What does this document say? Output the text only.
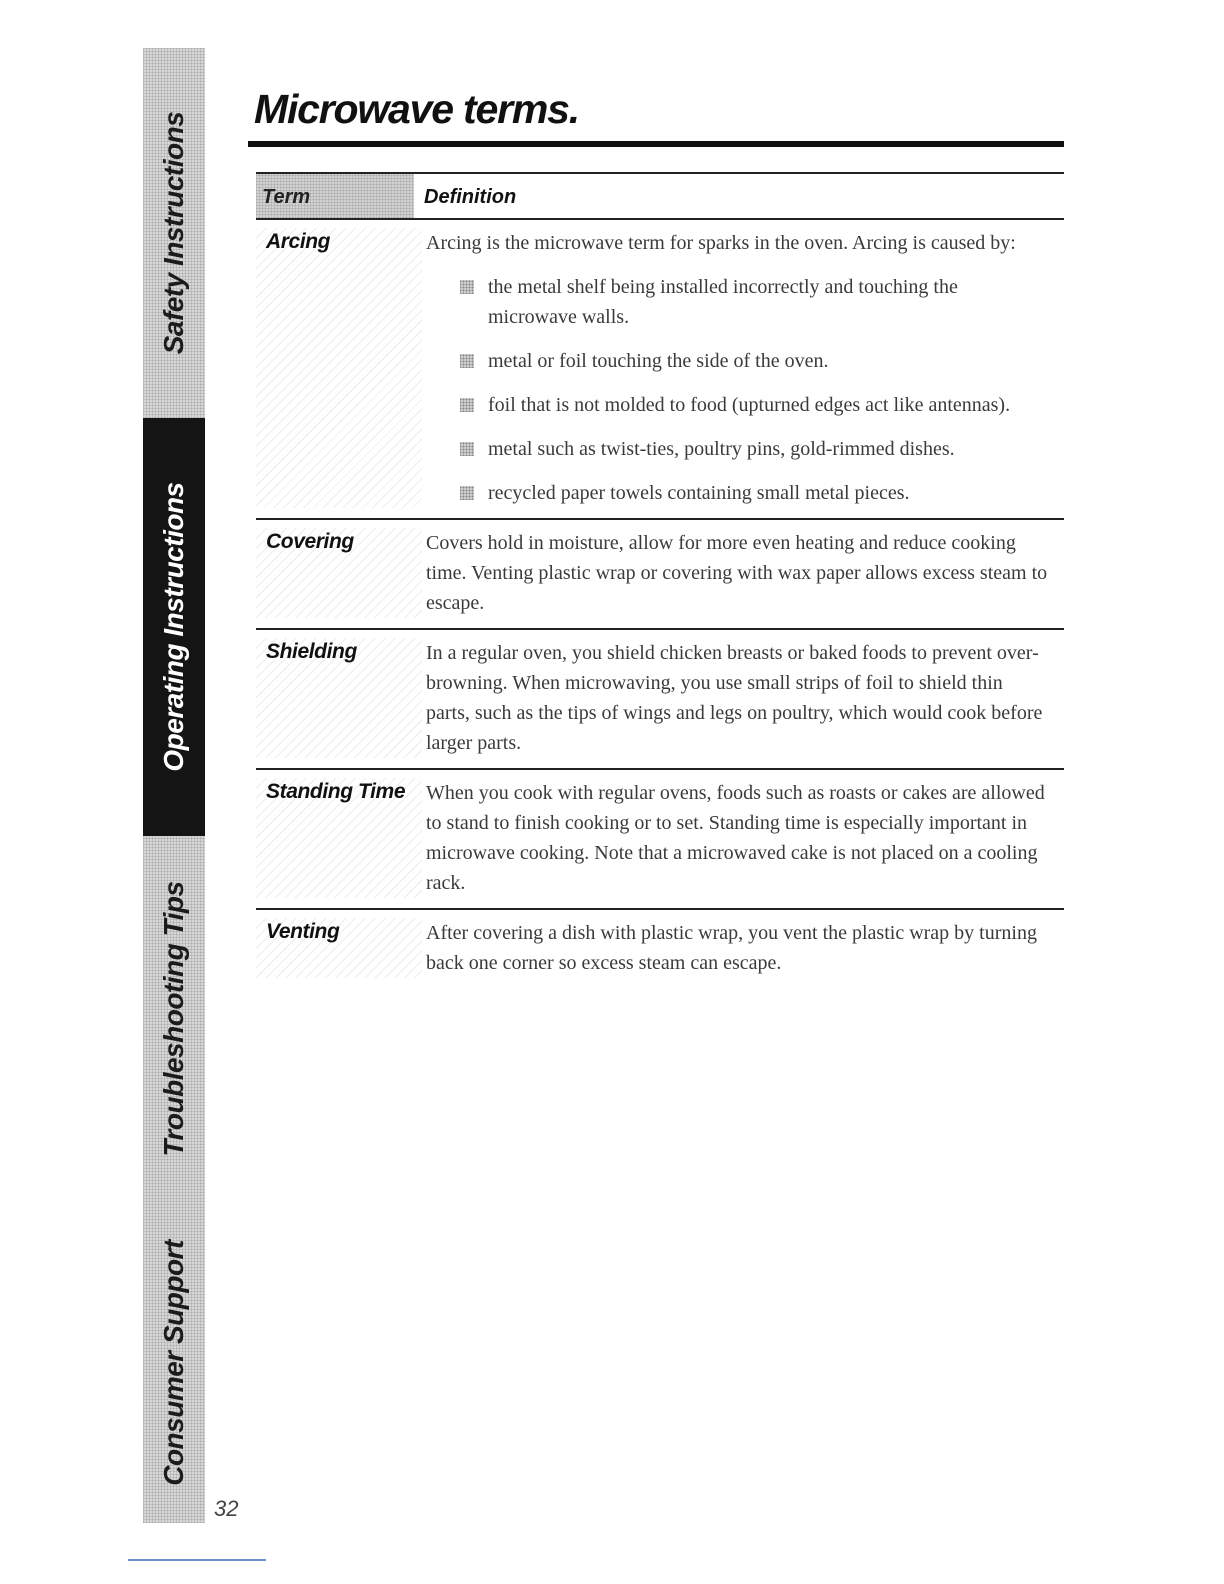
Safety Instructions
Operating Instructions
Troubleshooting Tips
Consumer Support
32
Microwave terms.
Term	Definition
Arcing	Arcing is the microwave term for sparks in the oven. Arcing is caused by:

the metal shelf being installed incorrectly and touching the microwave walls.
metal or foil touching the side of the oven.
foil that is not molded to food (upturned edges act like antennas).
metal such as twist-ties, poultry pins, gold-rimmed dishes.
recycled paper towels containing small metal pieces.
Covering	Covers hold in moisture, allow for more even heating and reduce cooking time. Venting plastic wrap or covering with wax paper allows excess steam to escape.

Shielding	In a regular oven, you shield chicken breasts or baked foods to prevent over-browning. When microwaving, you use small strips of foil to shield thin parts, such as the tips of wings and legs on poultry, which would cook before larger parts.

Standing Time	When you cook with regular ovens, foods such as roasts or cakes are allowed to stand to finish cooking or to set. Standing time is especially important in microwave cooking. Note that a microwaved cake is not placed on a cooling rack.

Venting	After covering a dish with plastic wrap, you vent the plastic wrap by turning back one corner so excess steam can escape.
